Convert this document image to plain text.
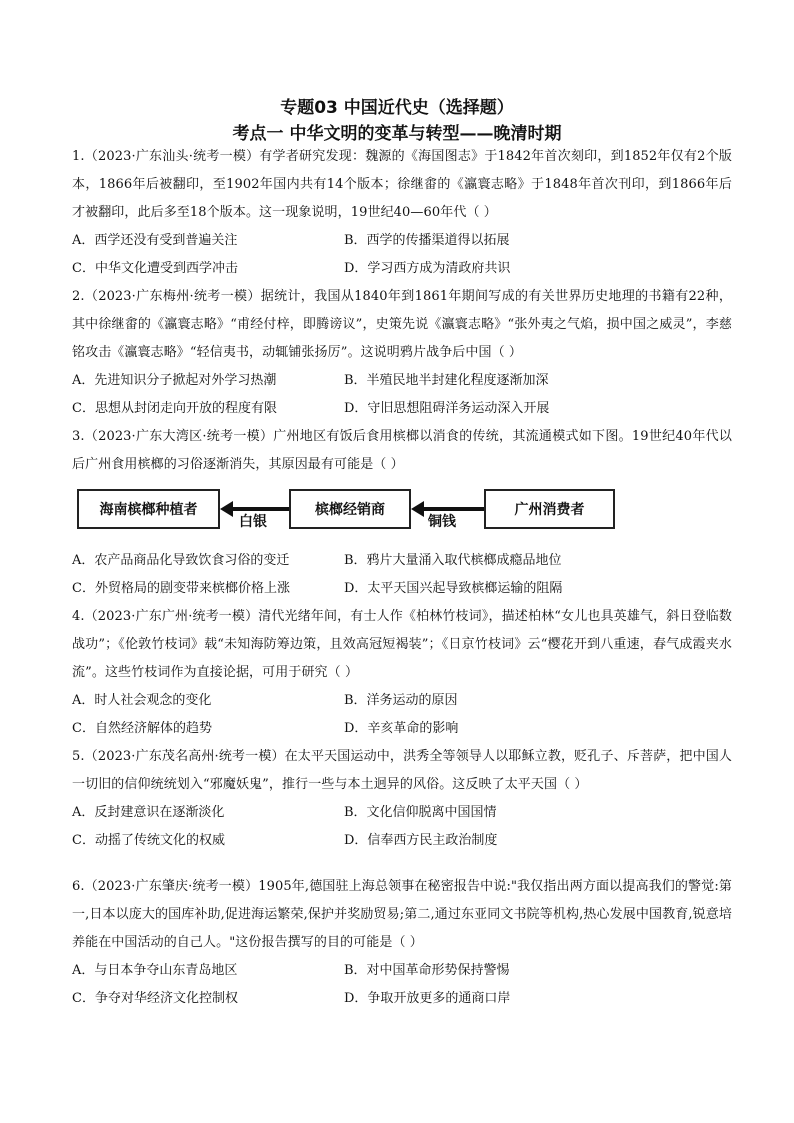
专题03 中国近代史（选择题）
考点一 中华文明的变革与转型——晚清时期

1.（2023·广东汕头·统考一模）有学者研究发现：魏源的《海国图志》于1842年首次刻印，到1852年仅有2个版本，1866年后被翻印，至1902年国内共有14个版本；徐继畬的《瀛寰志略》于1848年首次刊印，到1866年后才被翻印，此后多至18个版本。这一现象说明，19世纪40—60年代（ ）

A．西学还没有受到普遍关注	B．西学的传播渠道得以拓展
C．中华文化遭受到西学冲击	D．学习西方成为清政府共识

2.（2023·广东梅州·统考一模）据统计，我国从1840年到1861年期间写成的有关世界历史地理的书籍有22种，其中徐继畬的《瀛寰志略》“甫经付梓，即腾谤议”，史策先说《瀛寰志略》“张外夷之气焰，损中国之威灵”，李慈铭攻击《瀛寰志略》“轻信夷书，动辄铺张扬厉”。这说明鸦片战争后中国（ ）

A．先进知识分子掀起对外学习热潮	B．半殖民地半封建化程度逐渐加深
C．思想从封闭走向开放的程度有限	D．守旧思想阻碍洋务运动深入开展

3.（2023·广东大湾区·统考一模）广州地区有饭后食用槟榔以消食的传统，其流通模式如下图。19世纪40年代以后广州食用槟榔的习俗逐渐消失，其原因最有可能是（ ）

海南槟榔种植者
白银
槟榔经销商
铜钱
广州消费者
A．农产品商品化导致饮食习俗的变迁	B．鸦片大量涌入取代槟榔成瘾品地位
C．外贸格局的剧变带来槟榔价格上涨	D．太平天国兴起导致槟榔运输的阻隔

4.（2023·广东广州·统考一模）清代光绪年间，有士人作《柏林竹枝词》，描述柏林“女儿也具英雄气，斜日登临数战功”；《伦敦竹枝词》载“未知海防筹边策，且效高冠短褐装”；《日京竹枝词》云“樱花开到八重速，春气成霞夹水流”。这些竹枝词作为直接论据，可用于研究（ ）

A．时人社会观念的变化	B．洋务运动的原因
C．自然经济解体的趋势	D．辛亥革命的影响

5.（2023·广东茂名高州·统考一模）在太平天国运动中，洪秀全等领导人以耶稣立教，贬孔子、斥菩萨，把中国人一切旧的信仰统统划入“邪魔妖鬼”，推行一些与本土迥异的风俗。这反映了太平天国（ ）

A．反封建意识在逐渐淡化	B．文化信仰脱离中国国情
C．动摇了传统文化的权威	D．信奉西方民主政治制度

6.（2023·广东肇庆·统考一模）1905年,德国驻上海总领事在秘密报告中说:"我仅指出两方面以提高我们的警觉:第一,日本以庞大的国库补助,促进海运繁荣,保护并奖励贸易;第二,通过东亚同文书院等机构,热心发展中国教育,锐意培养能在中国活动的自己人。"这份报告撰写的目的可能是（ ）

A．与日本争夺山东青岛地区	B．对中国革命形势保持警惕
C．争夺对华经济文化控制权	D．争取开放更多的通商口岸
